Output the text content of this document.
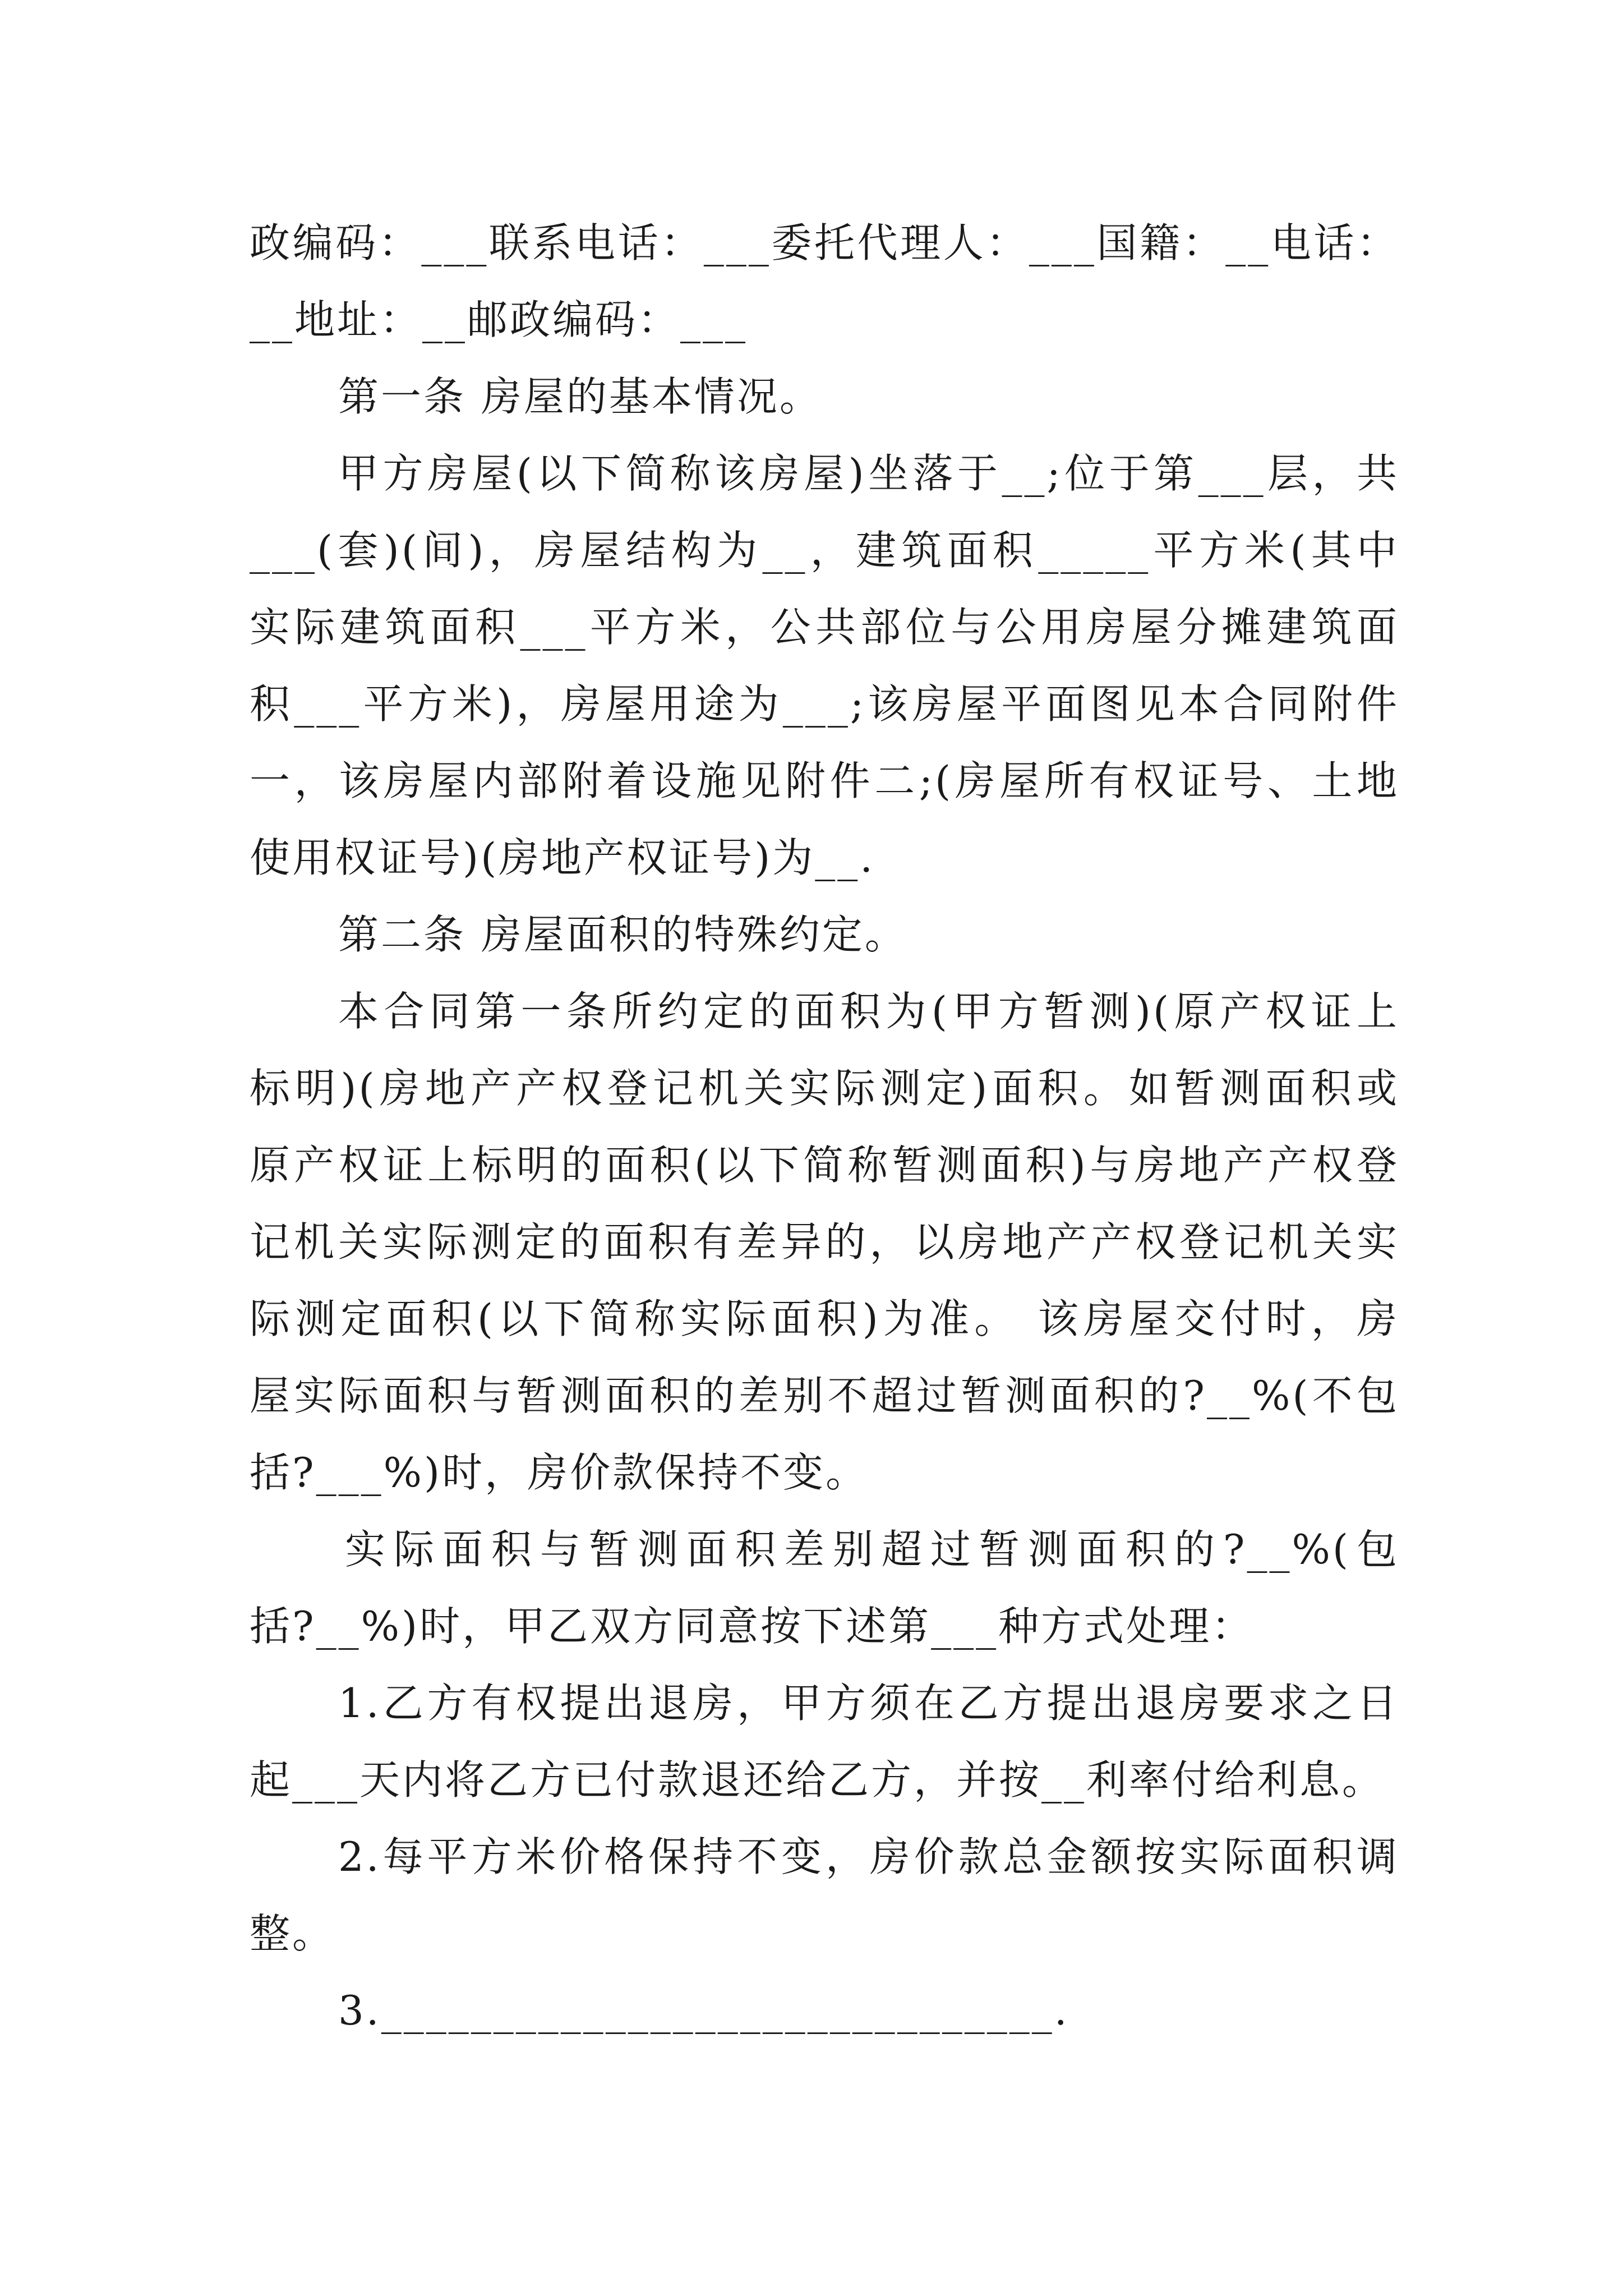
政编码：___联系电话：___委托代理人：___国籍：__电话：
__地址：__邮政编码：___
第一条 房屋的基本情况。
甲方房屋(以下简称该房屋)坐落于__;位于第___层，共
___(套)(间)，房屋结构为__，建筑面积_____平方米(其中
实际建筑面积___平方米，公共部位与公用房屋分摊建筑面
积___平方米)，房屋用途为___;该房屋平面图见本合同附件
一，该房屋内部附着设施见附件二;(房屋所有权证号、土地
使用权证号)(房地产权证号)为__.
第二条 房屋面积的特殊约定。
本合同第一条所约定的面积为(甲方暂测)(原产权证上
标明)(房地产产权登记机关实际测定)面积。如暂测面积或
原产权证上标明的面积(以下简称暂测面积)与房地产产权登
记机关实际测定的面积有差异的，以房地产产权登记机关实
际测定面积(以下简称实际面积)为准。 该房屋交付时，房
屋实际面积与暂测面积的差别不超过暂测面积的?__%(不包
括?___%)时，房价款保持不变。
实际面积与暂测面积差别超过暂测面积的?__%(包
括?__%)时，甲乙双方同意按下述第___种方式处理：
1.乙方有权提出退房，甲方须在乙方提出退房要求之日
起___天内将乙方已付款退还给乙方，并按__利率付给利息。
2.每平方米价格保持不变，房价款总金额按实际面积调
整。
3.______________________________.
